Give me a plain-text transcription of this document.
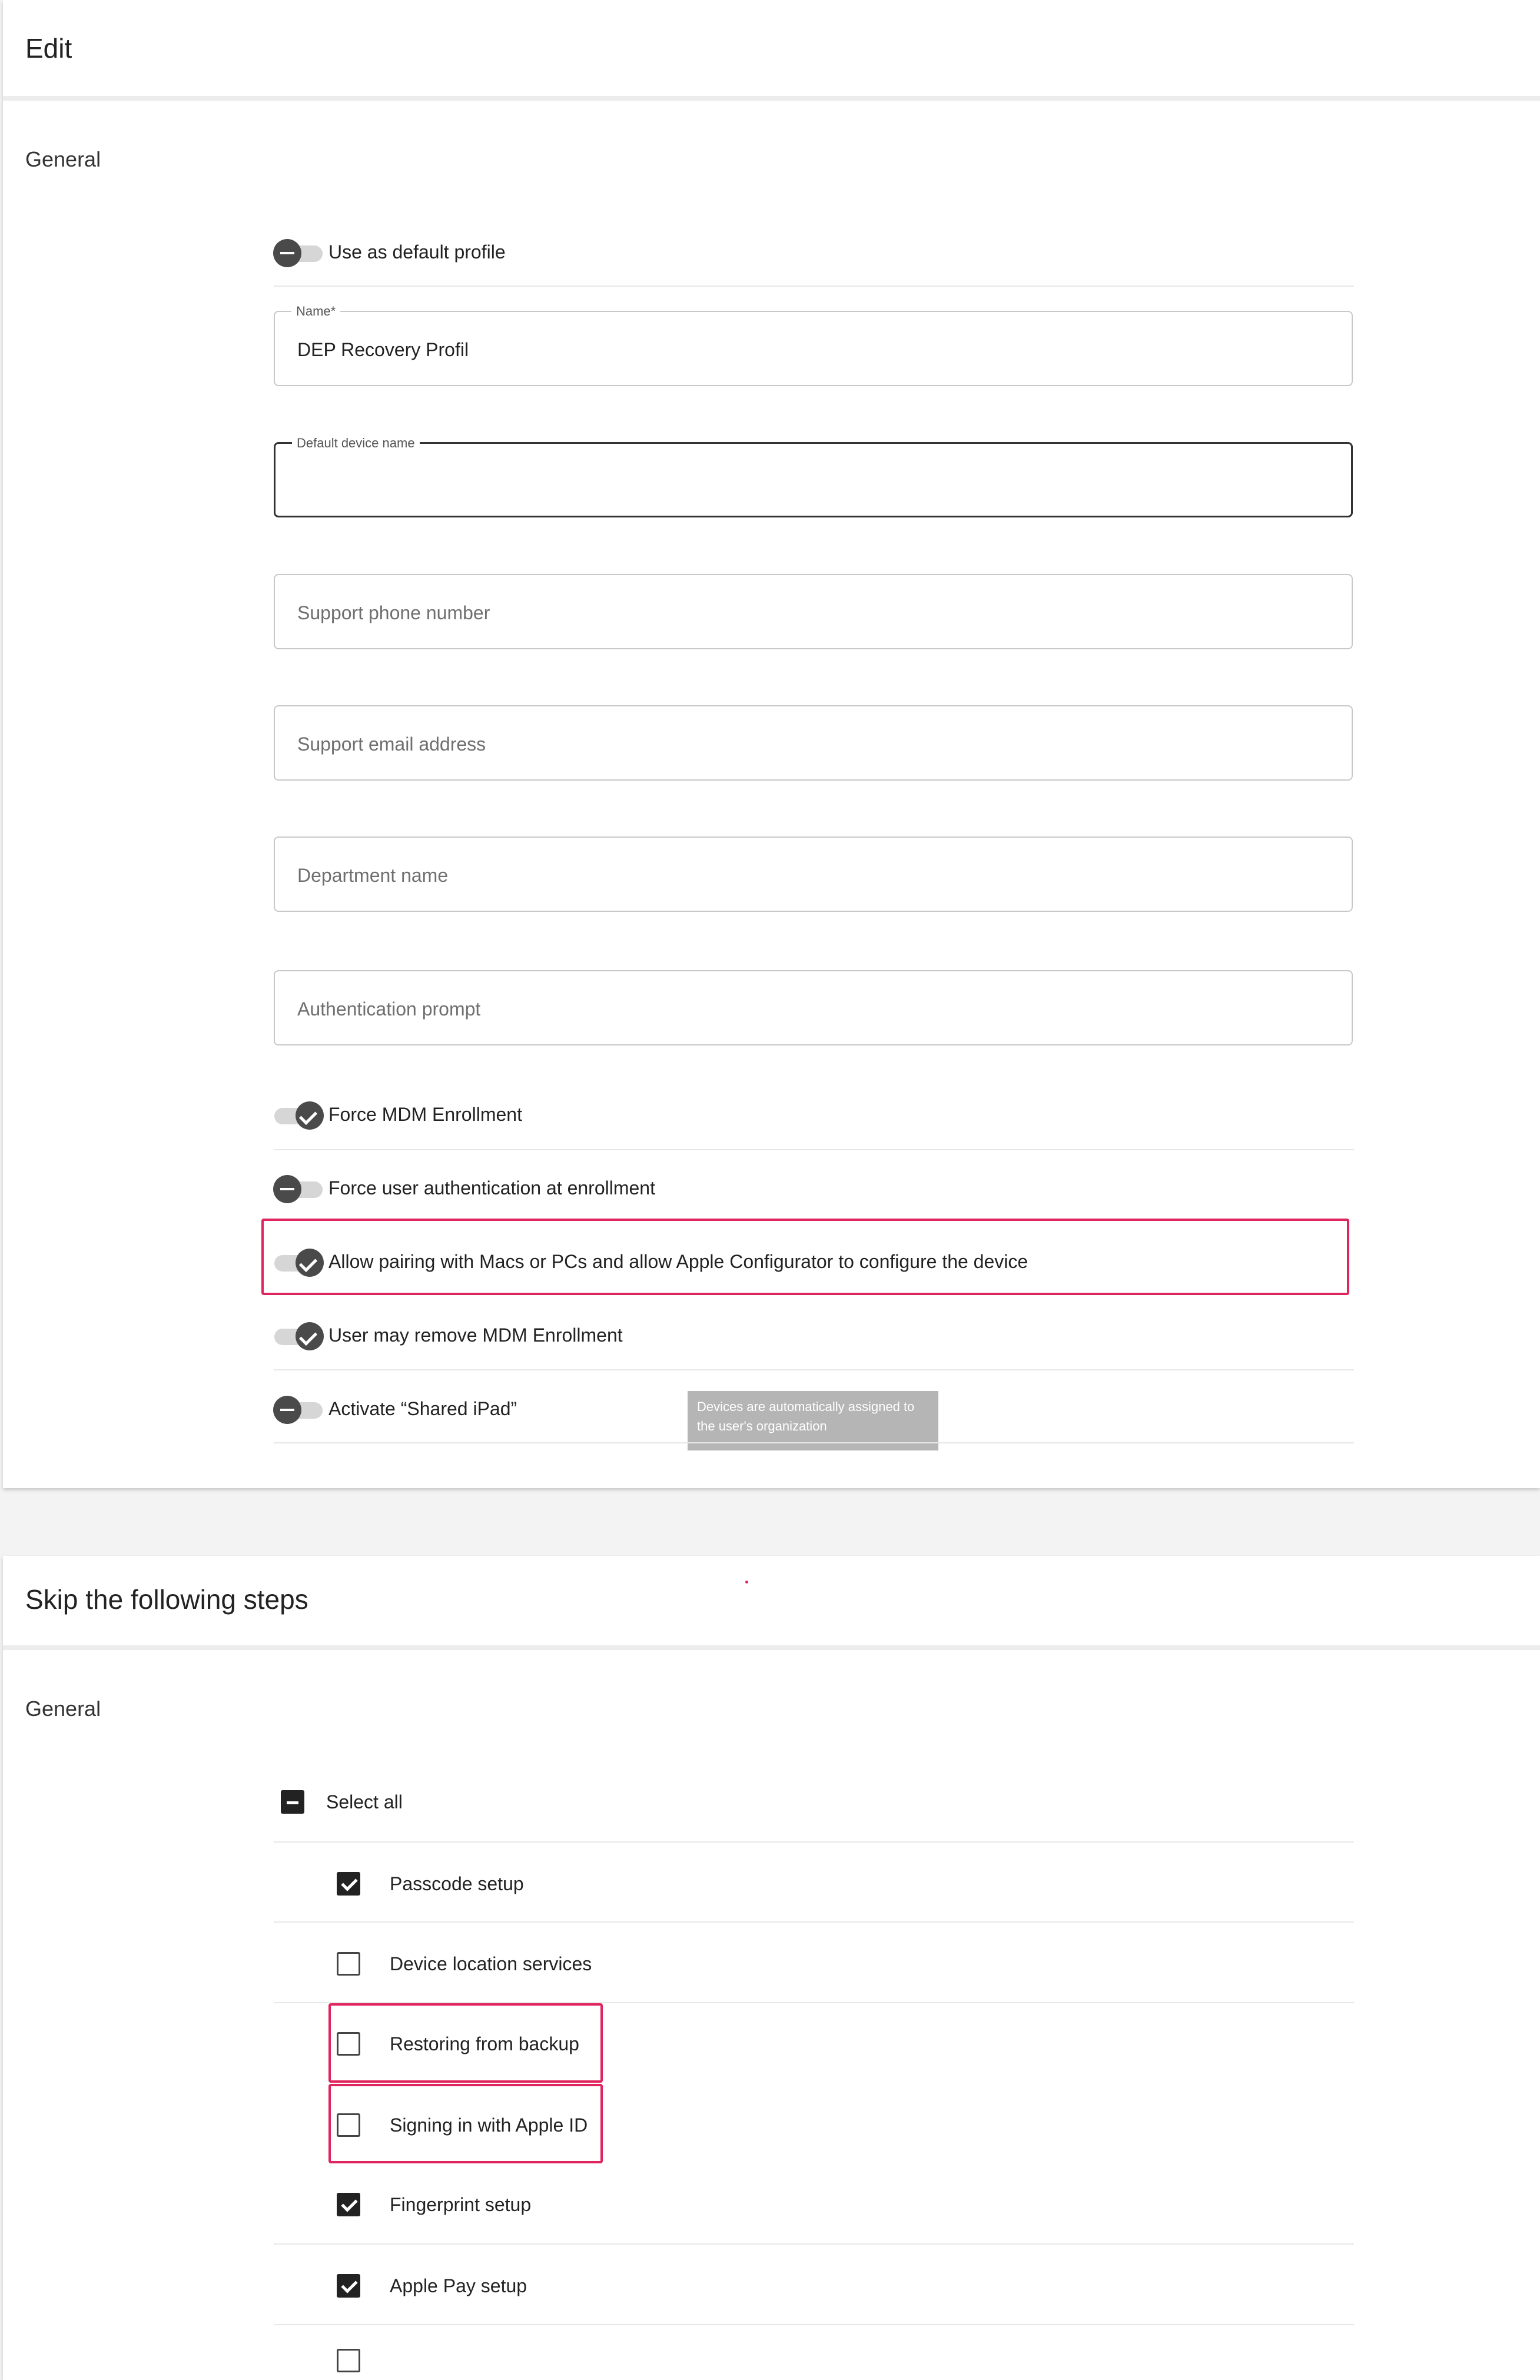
Edit
General
Use as default profile
Name*
DEP Recovery Profil
Default device name
Support phone number
Support email address
Department name
Authentication prompt
Force MDM Enrollment
Force user authentication at enrollment
Allow pairing with Macs or PCs and allow Apple Configurator to configure the device
User may remove MDM Enrollment
Activate “Shared iPad”	Devices are automatically assigned to the user's organization
Skip the following steps
General
Select all
Passcode setup
Device location services
Restoring from backup
Signing in with Apple ID
Fingerprint setup
Apple Pay setup
